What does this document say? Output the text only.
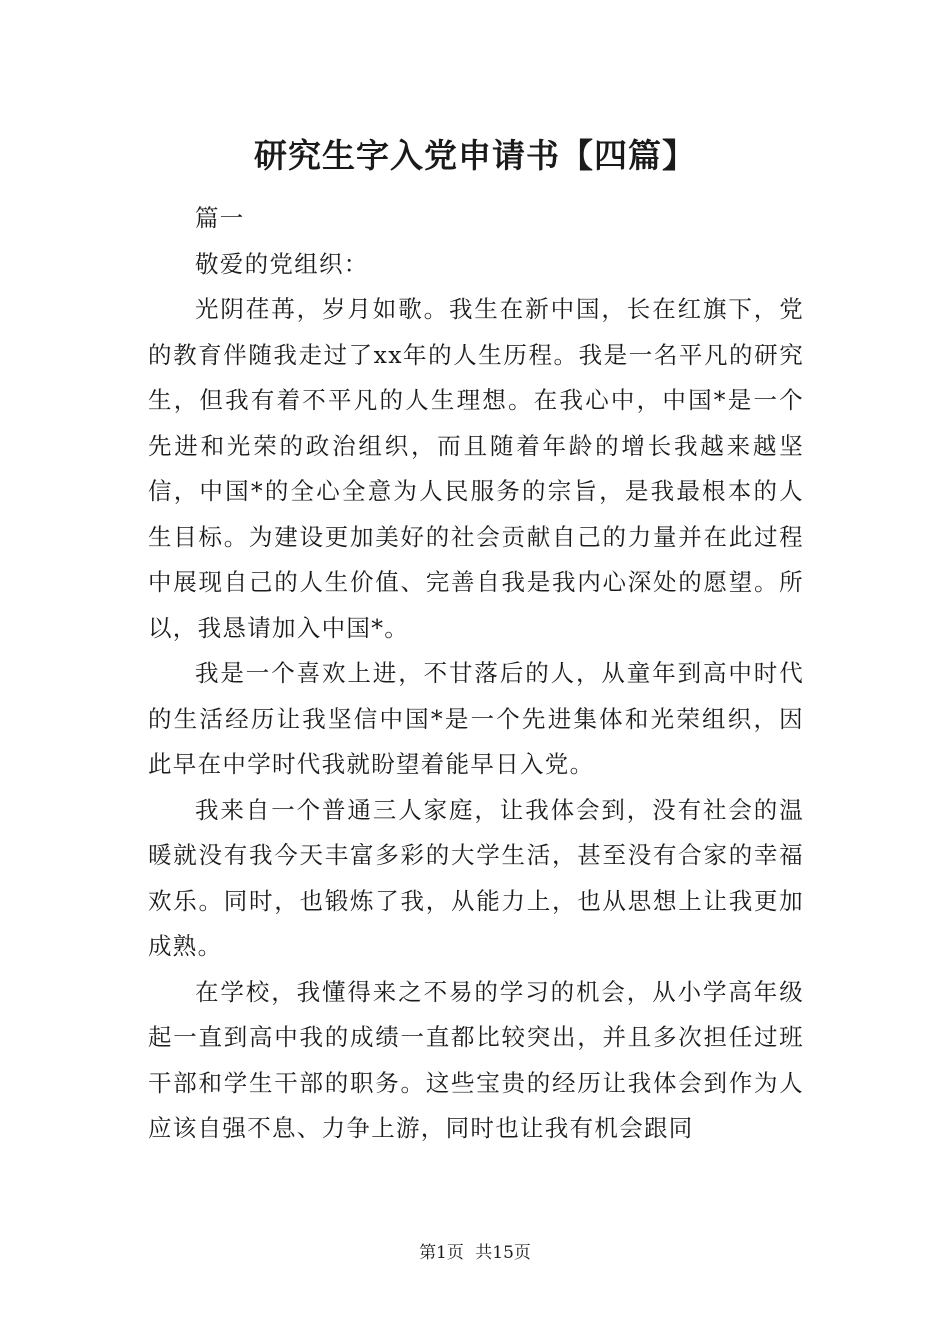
研究生字入党申请书【四篇】

篇一

敬爱的党组织：

光阴荏苒，岁月如歌。我生在新中国，长在红旗下，党的教育伴随我走过了xx年的人生历程。我是一名平凡的研究生，但我有着不平凡的人生理想。在我心中，中国*是一个先进和光荣的政治组织，而且随着年龄的增长我越来越坚信，中国*的全心全意为人民服务的宗旨，是我最根本的人生目标。为建设更加美好的社会贡献自己的力量并在此过程中展现自己的人生价值、完善自我是我内心深处的愿望。所以，我恳请加入中国*。

我是一个喜欢上进，不甘落后的人，从童年到高中时代的生活经历让我坚信中国*是一个先进集体和光荣组织，因此早在中学时代我就盼望着能早日入党。

我来自一个普通三人家庭，让我体会到，没有社会的温暖就没有我今天丰富多彩的大学生活，甚至没有合家的幸福欢乐。同时，也锻炼了我，从能力上，也从思想上让我更加成熟。

在学校，我懂得来之不易的学习的机会，从小学高年级起一直到高中我的成绩一直都比较突出，并且多次担任过班干部和学生干部的职务。这些宝贵的经历让我体会到作为人应该自强不息、力争上游，同时也让我有机会跟同

第1页 共15页
